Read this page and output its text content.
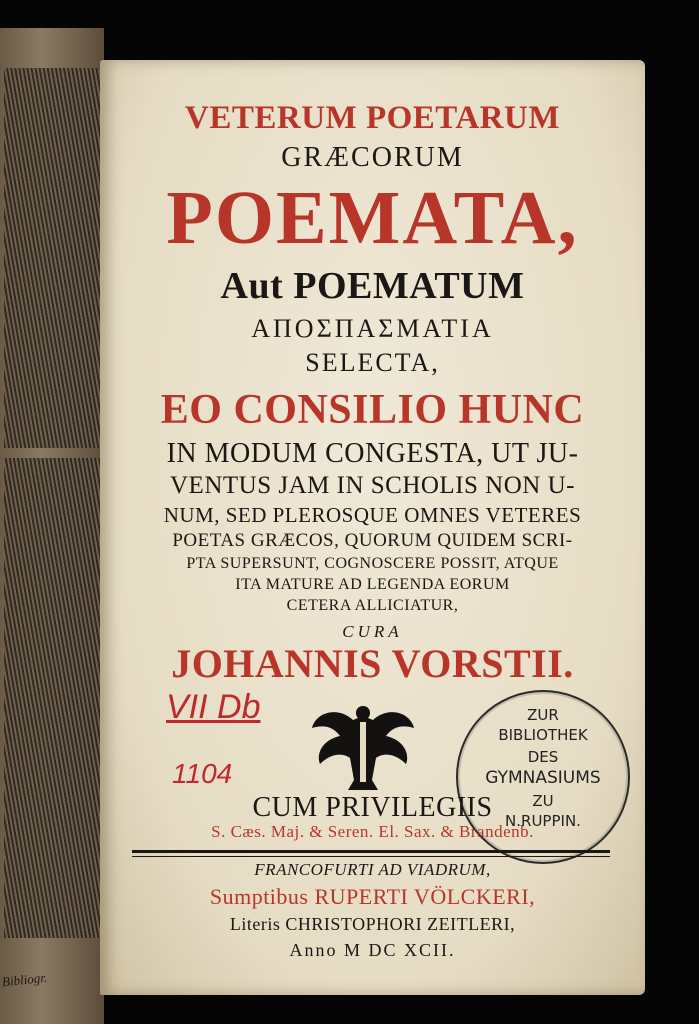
Bibliogr.
VETERUM POETARUM
GRÆCORUM
POEMATA,
Aut POEMATUM
ΑΠΟΣΠΑΣΜΑΤΙΑ
SELECTA,
EO CONSILIO HUNC
IN MODUM CONGESTA, UT JU-
VENTUS JAM IN SCHOLIS NON U-
NUM, SED PLEROSQUE OMNES VETERES
POETAS GRÆCOS, QUORUM QUIDEM SCRI-
PTA SUPERSUNT, COGNOSCERE POSSIT, ATQUE
ITA MATURE AD LEGENDA EORUM
CETERA ALLICIATUR,
CURA
JOHANNIS VORSTII.
VII Db
1104
ZUR
BIBLIOTHEK
DES
GYMNASIUMS
ZU
N.RUPPIN.
CUM PRIVILEGIIS
S. Cæs. Maj. & Seren. El. Sax. & Brandenb.
FRANCOFURTI AD VIADRUM,
Sumptibus RUPERTI VÖLCKERI,
Literis CHRISTOPHORI ZEITLERI,
Anno M DC XCII.
